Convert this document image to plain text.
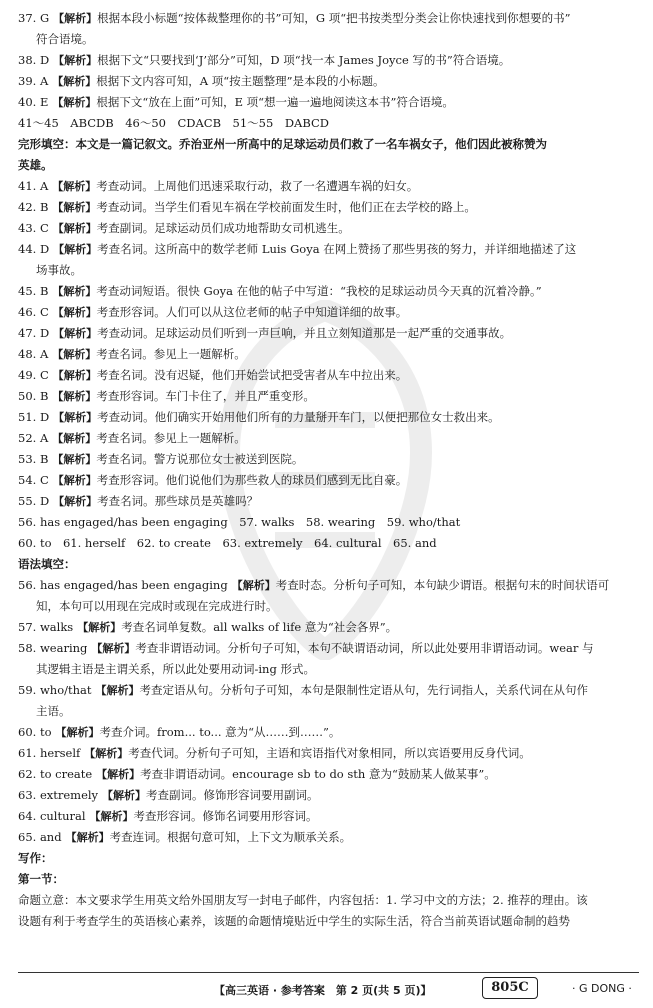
37. G 【解析】根据本段小标题“按体裁整理你的书”可知，G 项“把书按类型分类会让你快速找到你想要的书”
符合语境。
38. D 【解析】根据下文“只要找到‘J’部分”可知，D 项“找一本 James Joyce 写的书”符合语境。
39. A 【解析】根据下文内容可知，A 项“按主题整理”是本段的小标题。
40. E 【解析】根据下文“放在上面”可知，E 项“想一遍一遍地阅读这本书”符合语境。
41～45　ABCDB　46～50　CDACB　51～55　DABCD
完形填空：本文是一篇记叙文。乔治亚州一所高中的足球运动员们救了一名车祸女子，他们因此被称赞为
英雄。
41. A 【解析】考查动词。上周他们迅速采取行动，救了一名遭遇车祸的妇女。
42. B 【解析】考查动词。当学生们看见车祸在学校前面发生时，他们正在去学校的路上。
43. C 【解析】考查副词。足球运动员们成功地帮助女司机逃生。
44. D 【解析】考查名词。这所高中的数学老师 Luis Goya 在网上赞扬了那些男孩的努力，并详细地描述了这
场事故。
45. B 【解析】考查动词短语。很快 Goya 在他的帖子中写道：“我校的足球运动员今天真的沉着冷静。”
46. C 【解析】考查形容词。人们可以从这位老师的帖子中知道详细的故事。
47. D 【解析】考查动词。足球运动员们听到一声巨响，并且立刻知道那是一起严重的交通事故。
48. A 【解析】考查名词。参见上一题解析。
49. C 【解析】考查名词。没有迟疑，他们开始尝试把受害者从车中拉出来。
50. B 【解析】考查形容词。车门卡住了，并且严重变形。
51. D 【解析】考查动词。他们确实开始用他们所有的力量掰开车门，以便把那位女士救出来。
52. A 【解析】考查名词。参见上一题解析。
53. B 【解析】考查名词。警方说那位女士被送到医院。
54. C 【解析】考查形容词。他们说他们为那些救人的球员们感到无比自豪。
55. D 【解析】考查名词。那些球员是英雄吗？
56. has engaged/has been engaging　57. walks　58. wearing　59. who/that
60. to　61. herself　62. to create　63. extremely　64. cultural　65. and
语法填空：
56. has engaged/has been engaging 【解析】考查时态。分析句子可知，本句缺少谓语。根据句末的时间状语可
知，本句可以用现在完成时或现在完成进行时。
57. walks 【解析】考查名词单复数。all walks of life 意为“社会各界”。
58. wearing 【解析】考查非谓语动词。分析句子可知，本句不缺谓语动词，所以此处要用非谓语动词。wear 与
其逻辑主语是主谓关系，所以此处要用动词-ing 形式。
59. who/that 【解析】考查定语从句。分析句子可知，本句是限制性定语从句，先行词指人，关系代词在从句作
主语。
60. to 【解析】考查介词。from... to... 意为“从……到……”。
61. herself 【解析】考查代词。分析句子可知，主语和宾语指代对象相同，所以宾语要用反身代词。
62. to create 【解析】考查非谓语动词。encourage sb to do sth 意为“鼓励某人做某事”。
63. extremely 【解析】考查副词。修饰形容词要用副词。
64. cultural 【解析】考查形容词。修饰名词要用形容词。
65. and 【解析】考查连词。根据句意可知，上下文为顺承关系。
写作：
第一节：
命题立意：本文要求学生用英文给外国朋友写一封电子邮件，内容包括：1. 学习中文的方法；2. 推荐的理由。该
设题有利于考查学生的英语核心素养，该题的命题情境贴近中学生的实际生活，符合当前英语试题命制的趋势
【高三英语 · 参考答案　第 2 页(共 5 页)】	805C	· G DONG ·
